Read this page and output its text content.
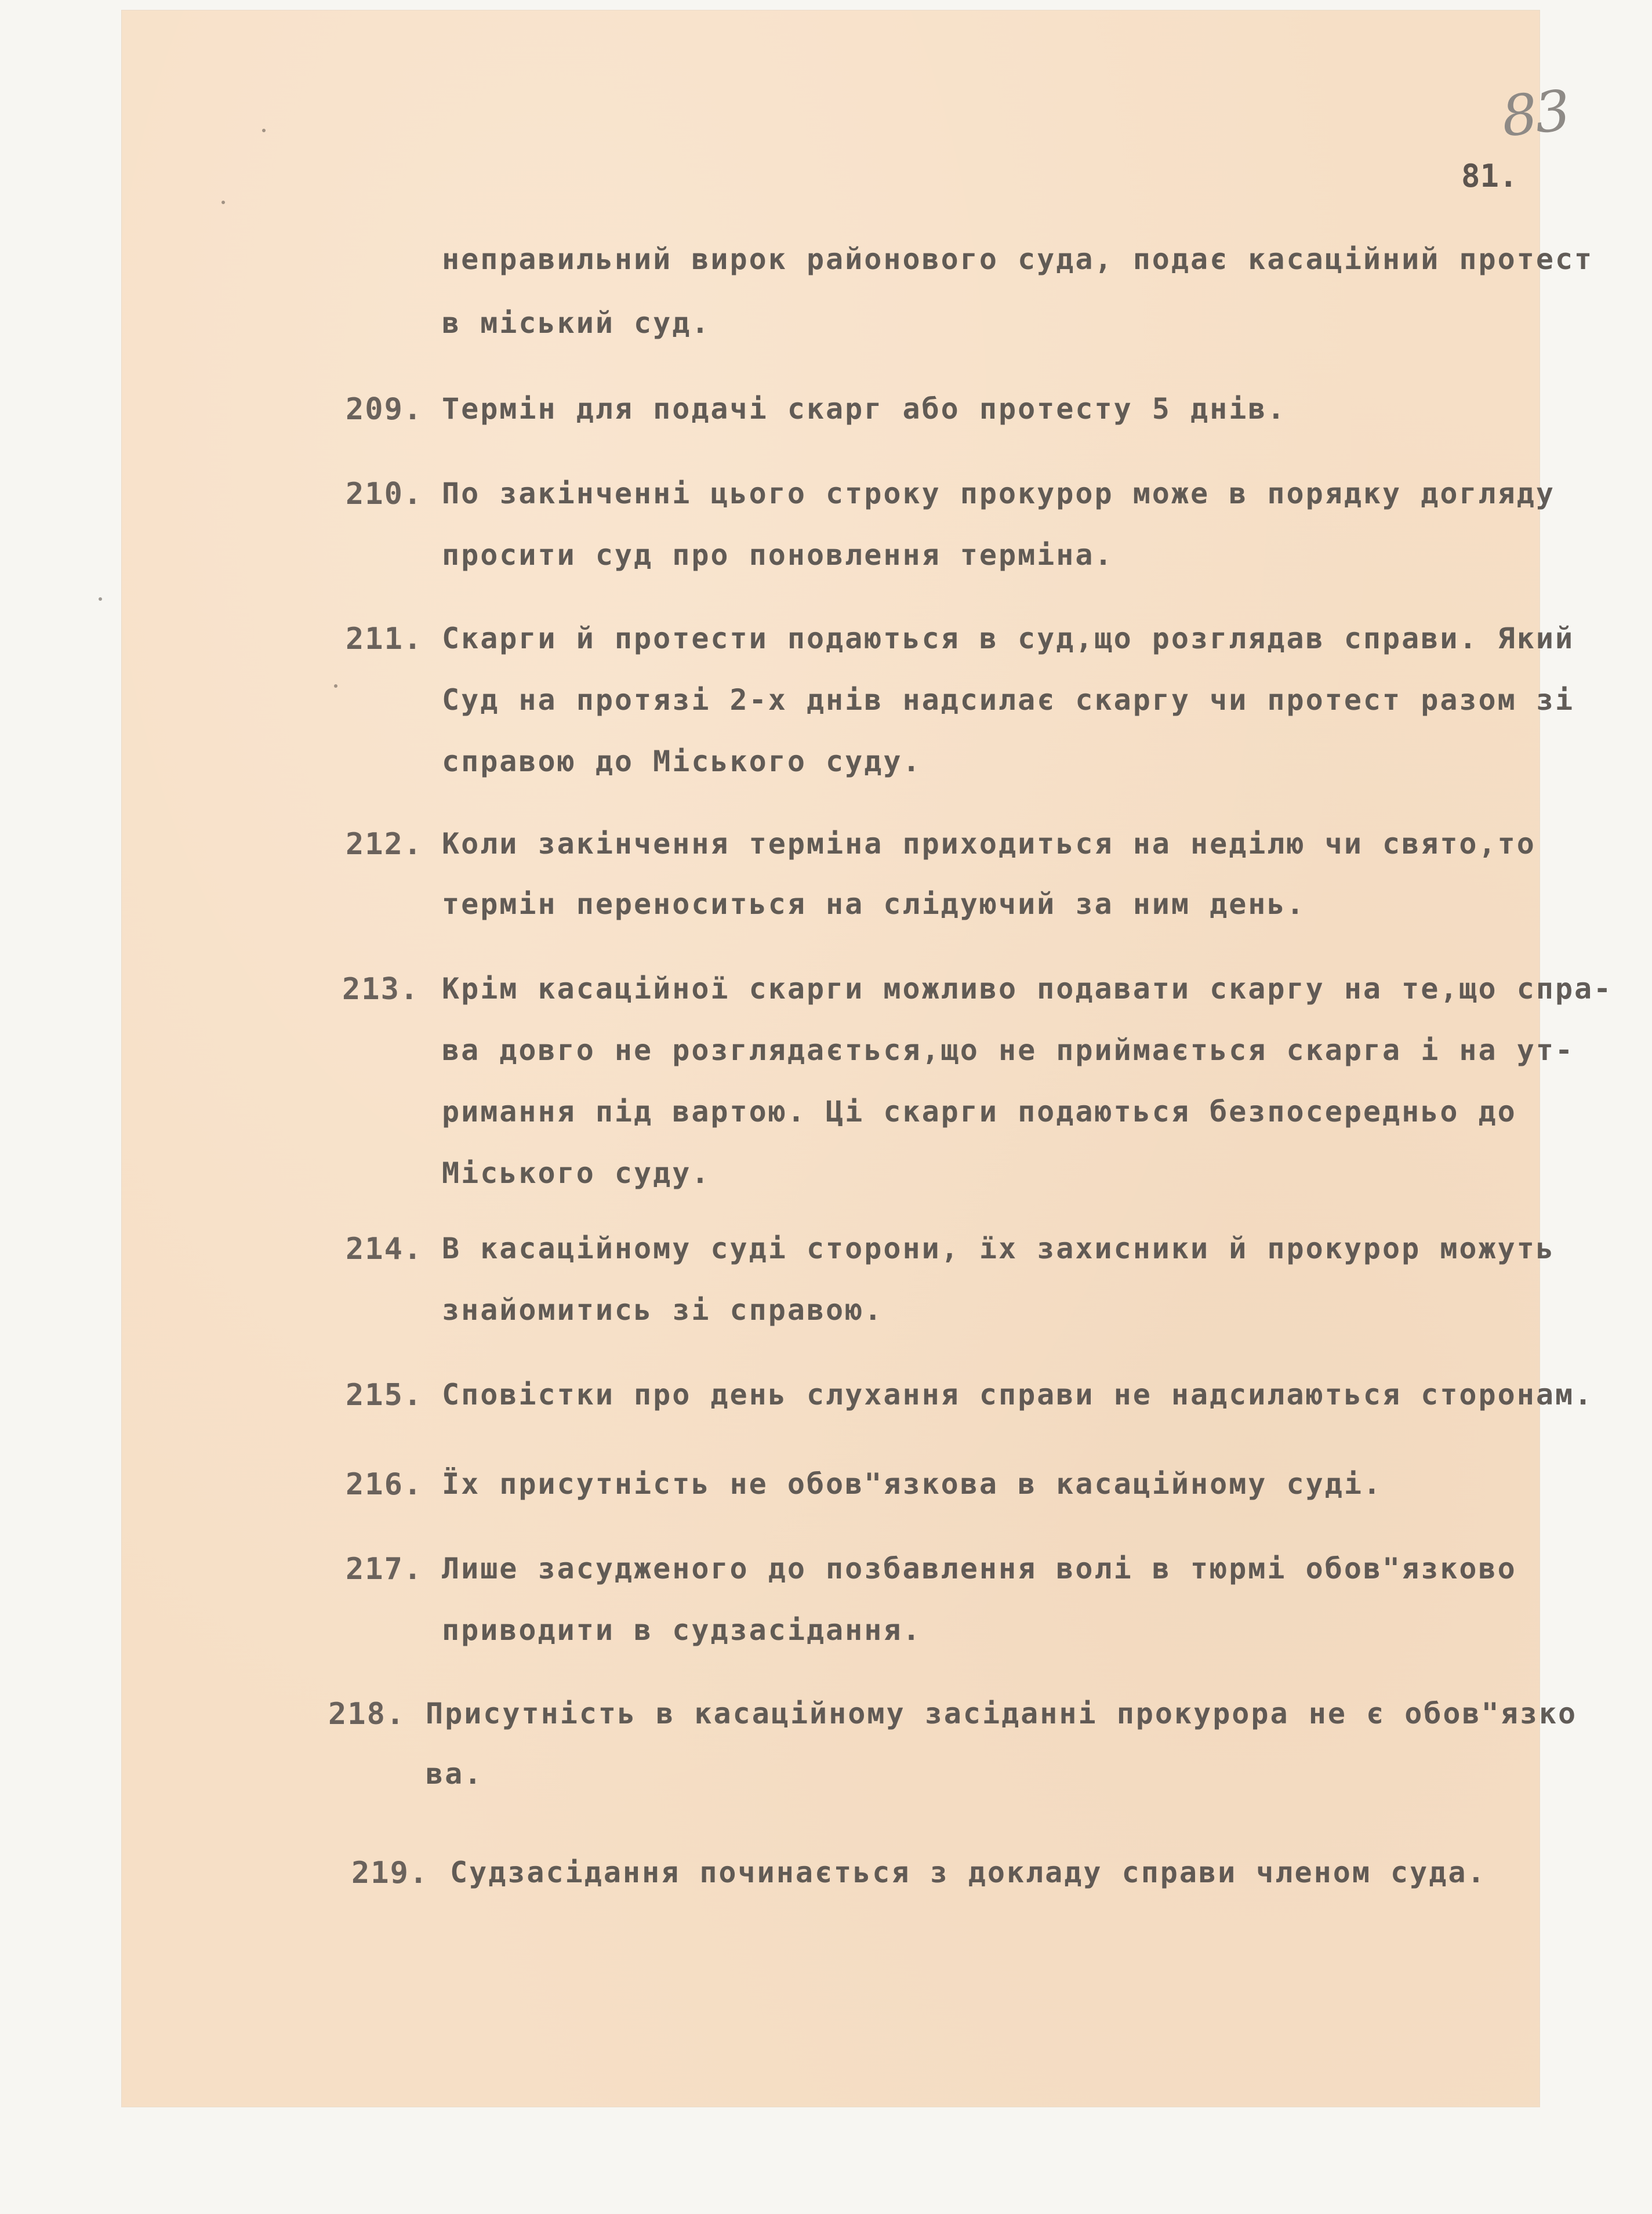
83
81.
неправильний вирок районового суда, подає касаційний протест
в міський суд.
209. Термін для подачі скарг або протесту 5 днів.
210. По закінченні цього строку прокурор може в порядку догляду
просити суд про поновлення терміна.
211. Скарги й протести подаються в суд,що розглядав справи. Який
Суд на протязі 2-х днів надсилає скаргу чи протест разом зі
справою до Міського суду.
212. Коли закінчення терміна приходиться на неділю чи свято,то
термін переноситься на слідуючий за ним день.
213. Крім касаційної скарги можливо подавати скаргу на те,що спра-
ва довго не розглядається,що не приймається скарга і на ут-
римання під вартою. Ці скарги подаються безпосередньо до
Міського суду.
214. В касаційному суді сторони, їх захисники й прокурор можуть
знайомитись зі справою.
215. Сповістки про день слухання справи не надсилаються сторонам.
216. Їх присутність не обов"язкова в касаційному суді.
217. Лише засудженого до позбавлення волі в тюрмі обов"язково
приводити в судзасідання.
218. Присутність в касаційному засіданні прокурора не є обов"язко
ва.
219. Судзасідання починається з докладу справи членом суда.
